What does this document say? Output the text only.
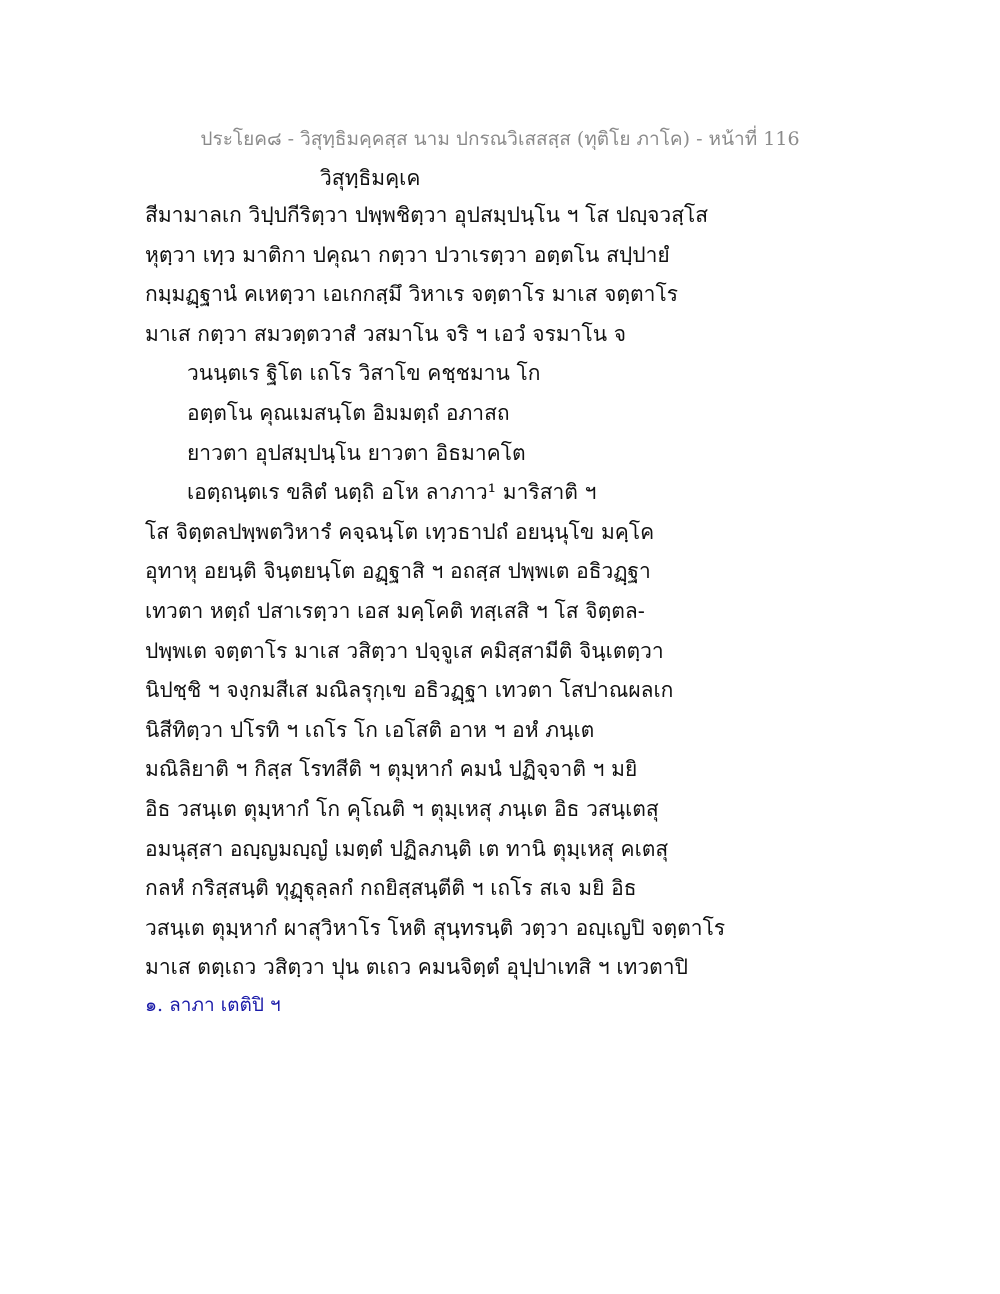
ประโยค๘ - วิสุทฺธิมคฺคสฺส นาม ปกรณวิเสสสฺส (ทุติโย ภาโค) - หน้าที่ 116
วิสุทฺธิมคฺเค
สีมามาลเก วิปฺปกีริตฺวา ปพฺพชิตฺวา อุปสมฺปนฺโน ฯ โส ปญฺจวสฺโส
หุตฺวา เทฺว มาติกา ปคุณา กตฺวา ปวาเรตฺวา อตฺตโน สปฺปายํ
กมฺมฏฺฐานํ คเหตฺวา เอเกกสฺมึ วิหาเร จตฺตาโร มาเส จตฺตาโร
มาเส กตฺวา สมวตฺตวาสํ วสมาโน จริ ฯ เอวํ จรมาโน จ
วนนฺตเร ฐิโต เถโร วิสาโข คชฺชมาน โก
อตฺตโน คุณเมสนฺโต อิมมตฺถํ อภาสถ
ยาวตา อุปสมฺปนฺโน ยาวตา อิธมาคโต
เอตฺถนฺตเร ขลิตํ นตฺถิ อโห ลาภาว¹ มาริสาติ ฯ
โส จิตฺตลปพฺพตวิหารํ คจฺฉนฺโต เทฺวธาปถํ อยนฺนุโข มคฺโค
อุทาหุ อยนฺติ จินฺตยนฺโต อฏฺฐาสิ ฯ อถสฺส ปพฺพเต อธิวฏฺฐา
เทวตา หตฺถํ ปสาเรตฺวา เอส มคฺโคติ ทสฺเสสิ ฯ โส จิตฺตล-
ปพฺพเต จตฺตาโร มาเส วสิตฺวา ปจฺจูเส คมิสฺสามีติ จินฺเตตฺวา
นิปชฺชิ ฯ จงฺกมสีเส มณิลรุกฺเข อธิวฏฺฐา เทวตา โสปาณผลเก
นิสีทิตฺวา ปโรทิ ฯ เถโร โก เอโสติ อาห ฯ อหํ ภนฺเต
มณิลิยาติ ฯ กิสฺส โรทสีติ ฯ ตุมฺหากํ คมนํ ปฏิจฺจาติ ฯ มยิ
อิธ วสนฺเต ตุมฺหากํ โก คุโณติ ฯ ตุมฺเหสุ ภนฺเต อิธ วสนฺเตสุ
อมนุสฺสา อญฺญมญฺญํ เมตฺตํ ปฏิลภนฺติ เต ทานิ ตุมฺเหสุ คเตสุ
กลหํ กริสฺสนฺติ ทุฏฺฐุลฺลกํ กถยิสฺสนฺตีติ ฯ เถโร สเจ มยิ อิธ
วสนฺเต ตุมฺหากํ ผาสุวิหาโร โหติ สุนฺทรนฺติ วตฺวา อญฺเญปิ จตฺตาโร
มาเส ตตฺเถว วสิตฺวา ปุน ตเถว คมนจิตฺตํ อุปฺปาเทสิ ฯ เทวตาปิ
๑. ลาภา เตติปิ ฯ
